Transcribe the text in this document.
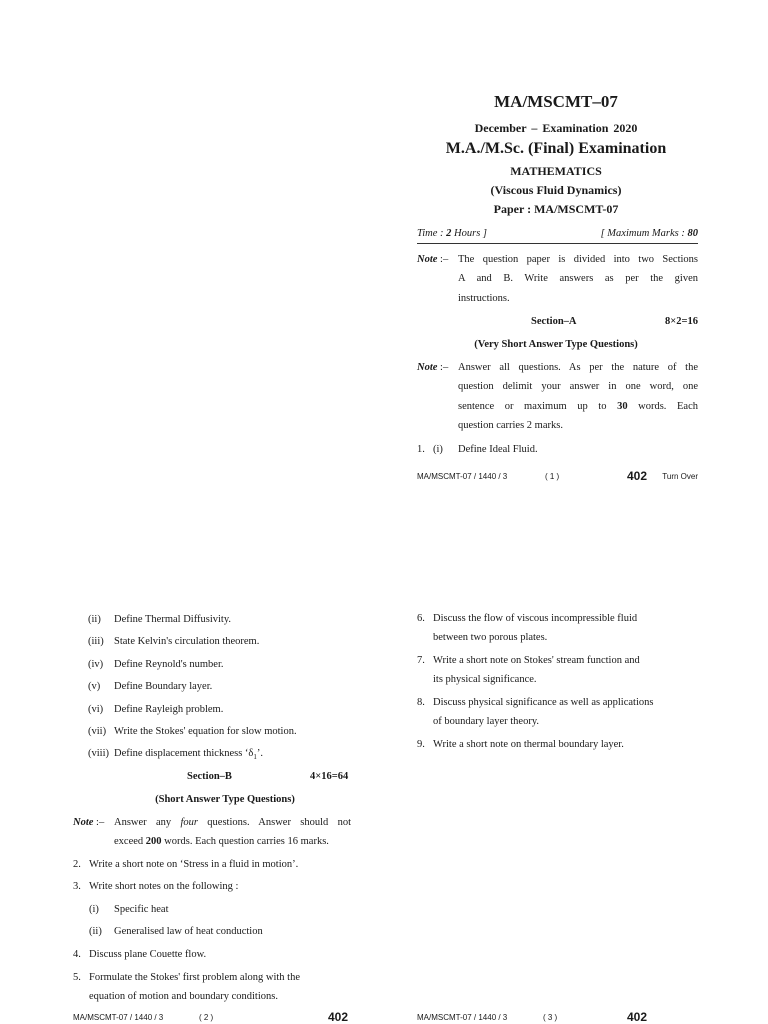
MA/MSCMT–07
December – Examination 2020
M.A./M.Sc. (Final) Examination
MATHEMATICS
(Viscous Fluid Dynamics)
Paper : MA/MSCMT-07
Time : 2 Hours ]	[ Maximum Marks : 80
Note :– The question paper is divided into two Sections
A and B. Write answers as per the given
instructions.
Section–A	8×2=16
(Very Short Answer Type Questions)
Note :– Answer all questions. As per the nature of the
question delimit your answer in one word, one
sentence or maximum up to 30 words. Each
question carries 2 marks.
1. (i) Define Ideal Fluid.
MA/MSCMT-07 / 1440 / 3	( 1 )	402 Turn Over
(ii) Define Thermal Diffusivity.
(iii) State Kelvin's circulation theorem.
(iv) Define Reynold's number.
(v) Define Boundary layer.
(vi) Define Rayleigh problem.
(vii) Write the Stokes' equation for slow motion.
(viii) Define displacement thickness ‘$\delta_1$’.
Section–B	4×16=64
(Short Answer Type Questions)
Note :– Answer any four questions. Answer should not
exceed 200 words. Each question carries 16 marks.
2. Write a short note on ‘Stress in a fluid in motion’.
3. Write short notes on the following :
(i) Specific heat
(ii) Generalised law of heat conduction
4. Discuss plane Couette flow.
5. Formulate the Stokes' first problem along with the
equation of motion and boundary conditions.
MA/MSCMT-07 / 1440 / 3	( 2 )	402
6. Discuss the flow of viscous incompressible fluid
between two porous plates.
7. Write a short note on Stokes' stream function and
its physical significance.
8. Discuss physical significance as well as applications
of boundary layer theory.
9. Write a short note on thermal boundary layer.
MA/MSCMT-07 / 1440 / 3	( 3 )	402
